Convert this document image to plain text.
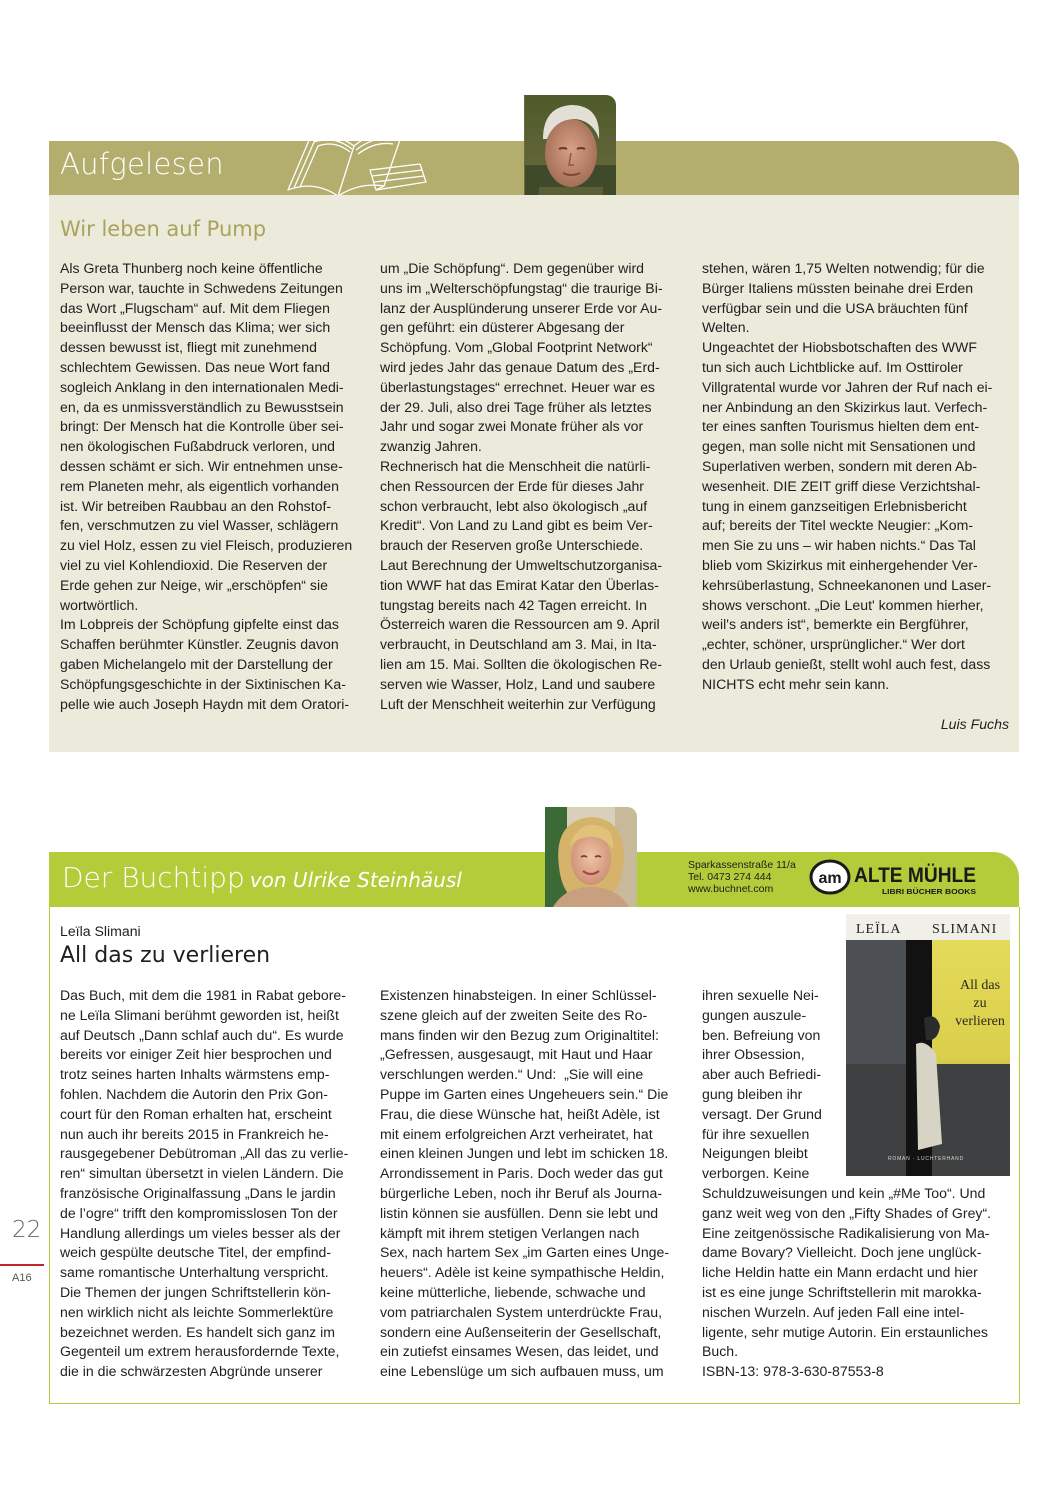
Aufgelesen
Wir leben auf Pump

Als Greta Thunberg noch keine öffentliche

Person war, tauchte in Schwedens Zeitungen

das Wort „Flugscham“ auf. Mit dem Fliegen

beeinflusst der Mensch das Klima; wer sich

dessen bewusst ist, fliegt mit zunehmend

schlechtem Gewissen. Das neue Wort fand

sogleich Anklang in den internationalen Medi-

en, da es unmissverständlich zu Bewusstsein

bringt: Der Mensch hat die Kontrolle über sei-

nen ökologischen Fußabdruck verloren, und

dessen schämt er sich. Wir entnehmen unse-

rem Planeten mehr, als eigentlich vorhanden

ist. Wir betreiben Raubbau an den Rohstof-

fen, verschmutzen zu viel Wasser, schlägern

zu viel Holz, essen zu viel Fleisch, produzieren

viel zu viel Kohlendioxid. Die Reserven der

Erde gehen zur Neige, wir „erschöpfen“ sie

wortwörtlich.

Im Lobpreis der Schöpfung gipfelte einst das

Schaffen berühmter Künstler. Zeugnis davon

gaben Michelangelo mit der Darstellung der

Schöpfungsgeschichte in der Sixtinischen Ka-

pelle wie auch Joseph Haydn mit dem Oratori-

um „Die Schöpfung“. Dem gegenüber wird

uns im „Welterschöpfungstag“ die traurige Bi-

lanz der Ausplünderung unserer Erde vor Au-

gen geführt: ein düsterer Abgesang der

Schöpfung. Vom „Global Footprint Network“

wird jedes Jahr das genaue Datum des „Erd-

überlastungstages“ errechnet. Heuer war es

der 29. Juli, also drei Tage früher als letztes

Jahr und sogar zwei Monate früher als vor

zwanzig Jahren.

Rechnerisch hat die Menschheit die natürli-

chen Ressourcen der Erde für dieses Jahr

schon verbraucht, lebt also ökologisch „auf

Kredit“. Von Land zu Land gibt es beim Ver-

brauch der Reserven große Unterschiede.

Laut Berechnung der Umweltschutzorganisa-

tion WWF hat das Emirat Katar den Überlas-

tungstag bereits nach 42 Tagen erreicht. In

Österreich waren die Ressourcen am 9. April

verbraucht, in Deutschland am 3. Mai, in Ita-

lien am 15. Mai. Sollten die ökologischen Re-

serven wie Wasser, Holz, Land und saubere

Luft der Menschheit weiterhin zur Verfügung

stehen, wären 1,75 Welten notwendig; für die

Bürger Italiens müssten beinahe drei Erden

verfügbar sein und die USA bräuchten fünf

Welten.

Ungeachtet der Hiobsbotschaften des WWF

tun sich auch Lichtblicke auf. Im Osttiroler

Villgratental wurde vor Jahren der Ruf nach ei-

ner Anbindung an den Skizirkus laut. Verfech-

ter eines sanften Tourismus hielten dem ent-

gegen, man solle nicht mit Sensationen und

Superlativen werben, sondern mit deren Ab-

wesenheit. DIE ZEIT griff diese Verzichtshal-

tung in einem ganzseitigen Erlebnisbericht

auf; bereits der Titel weckte Neugier: „Kom-

men Sie zu uns – wir haben nichts.“ Das Tal

blieb vom Skizirkus mit einhergehender Ver-

kehrsüberlastung, Schneekanonen und Laser-

shows verschont. „Die Leut' kommen hierher,

weil's anders ist“, bemerkte ein Bergführer,

„echter, schöner, ursprünglicher.“ Wer dort

den Urlaub genießt, stellt wohl auch fest, dass

NICHTS echt mehr sein kann.

Luis Fuchs
Der Buchtipp von Ulrike Steinhäusl
Sparkassenstraße 11/a
Tel. 0473 274 444
www.buchnet.com
am ALTE MÜHLE
LIBRI BÜCHER BOOKS
Leïla Slimani
All das zu verlieren
LEÏLA SLIMANI
All das
zu
verlieren
ROMAN · LUCHTERHAND

Das Buch, mit dem die 1981 in Rabat gebore-

ne Leïla Slimani berühmt geworden ist, heißt

auf Deutsch „Dann schlaf auch du“. Es wurde

bereits vor einiger Zeit hier besprochen und

trotz seines harten Inhalts wärmstens emp-

fohlen. Nachdem die Autorin den Prix Gon-

court für den Roman erhalten hat, erscheint

nun auch ihr bereits 2015 in Frankreich he-

rausgegebener Debütroman „All das zu verlie-

ren“ simultan übersetzt in vielen Ländern. Die

französische Originalfassung „Dans le jardin

de l’ogre“ trifft den kompromisslosen Ton der

Handlung allerdings um vieles besser als der

weich gespülte deutsche Titel, der empfind-

same romantische Unterhaltung verspricht.

Die Themen der jungen Schriftstellerin kön-

nen wirklich nicht als leichte Sommerlektüre

bezeichnet werden. Es handelt sich ganz im

Gegenteil um extrem herausfordernde Texte,

die in die schwärzesten Abgründe unserer

Existenzen hinabsteigen. In einer Schlüssel-

szene gleich auf der zweiten Seite des Ro-

mans finden wir den Bezug zum Originaltitel:

„Gefressen, ausgesaugt, mit Haut und Haar

verschlungen werden.“ Und:  „Sie will eine

Puppe im Garten eines Ungeheuers sein.“ Die

Frau, die diese Wünsche hat, heißt Adèle, ist

mit einem erfolgreichen Arzt verheiratet, hat

einen kleinen Jungen und lebt im schicken 18.

Arrondissement in Paris. Doch weder das gut

bürgerliche Leben, noch ihr Beruf als Journa-

listin können sie ausfüllen. Denn sie lebt und

kämpft mit ihrem stetigen Verlangen nach

Sex, nach hartem Sex „im Garten eines Unge-

heuers“. Adèle ist keine sympathische Heldin,

keine mütterliche, liebende, schwache und

vom patriarchalen System unterdrückte Frau,

sondern eine Außenseiterin der Gesellschaft,

ein zutiefst einsames Wesen, das leidet, und

eine Lebenslüge um sich aufbauen muss, um

ihren sexuelle Nei-

gungen auszule-

ben. Befreiung von

ihrer Obsession,

aber auch Befriedi-

gung bleiben ihr

versagt. Der Grund

für ihre sexuellen

Neigungen bleibt

verborgen. Keine

Schuldzuweisungen und kein „#Me Too“. Und

ganz weit weg von den „Fifty Shades of Grey“.

Eine zeitgenössische Radikalisierung von Ma-

dame Bovary? Vielleicht. Doch jene unglück-

liche Heldin hatte ein Mann erdacht und hier

ist es eine junge Schriftstellerin mit marokka-

nischen Wurzeln. Auf jeden Fall eine intel-

ligente, sehr mutige Autorin. Ein erstaunliches

Buch.

ISBN-13: 978-3-630-87553-8

22
A16
